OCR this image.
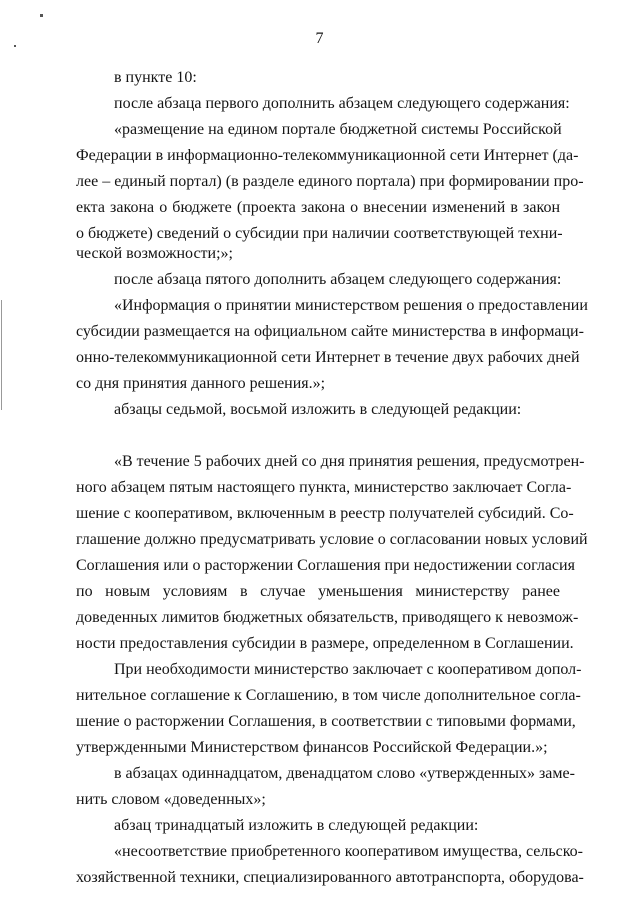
7
в пункте 10:
после абзаца первого дополнить абзацем следующего содержания:
«размещение на едином портале бюджетной системы Российской
Федерации в информационно-телекоммуникационной сети Интернет (да-
лее – единый портал) (в разделе единого портала) при формировании про-
екта закона о бюджете (проекта закона о внесении изменений в закон
о бюджете) сведений о субсидии при наличии соответствующей техни-
ческой возможности;»;
после абзаца пятого дополнить абзацем следующего содержания:
«Информация о принятии министерством решения о предоставлении
субсидии размещается на официальном сайте министерства в информаци-
онно-телекоммуникационной сети Интернет в течение двух рабочих дней
со дня принятия данного решения.»;
абзацы седьмой, восьмой изложить в следующей редакции:
«В течение 5 рабочих дней со дня принятия решения, предусмотрен-
ного абзацем пятым настоящего пункта, министерство заключает Согла-
шение с кооперативом, включенным в реестр получателей субсидий. Со-
глашение должно предусматривать условие о согласовании новых условий
Соглашения или о расторжении Соглашения при недостижении согласия
по новым условиям в случае уменьшения министерству ранее
доведенных лимитов бюджетных обязательств, приводящего к невозмож-
ности предоставления субсидии в размере, определенном в Соглашении.
При необходимости министерство заключает с кооперативом допол-
нительное соглашение к Соглашению, в том числе дополнительное согла-
шение о расторжении Соглашения, в соответствии с типовыми формами,
утвержденными Министерством финансов Российской Федерации.»;
в абзацах одиннадцатом, двенадцатом слово «утвержденных» заме-
нить словом «доведенных»;
абзац тринадцатый изложить в следующей редакции:
«несоответствие приобретенного кооперативом имущества, сельско-
хозяйственной техники, специализированного автотранспорта, оборудова-
